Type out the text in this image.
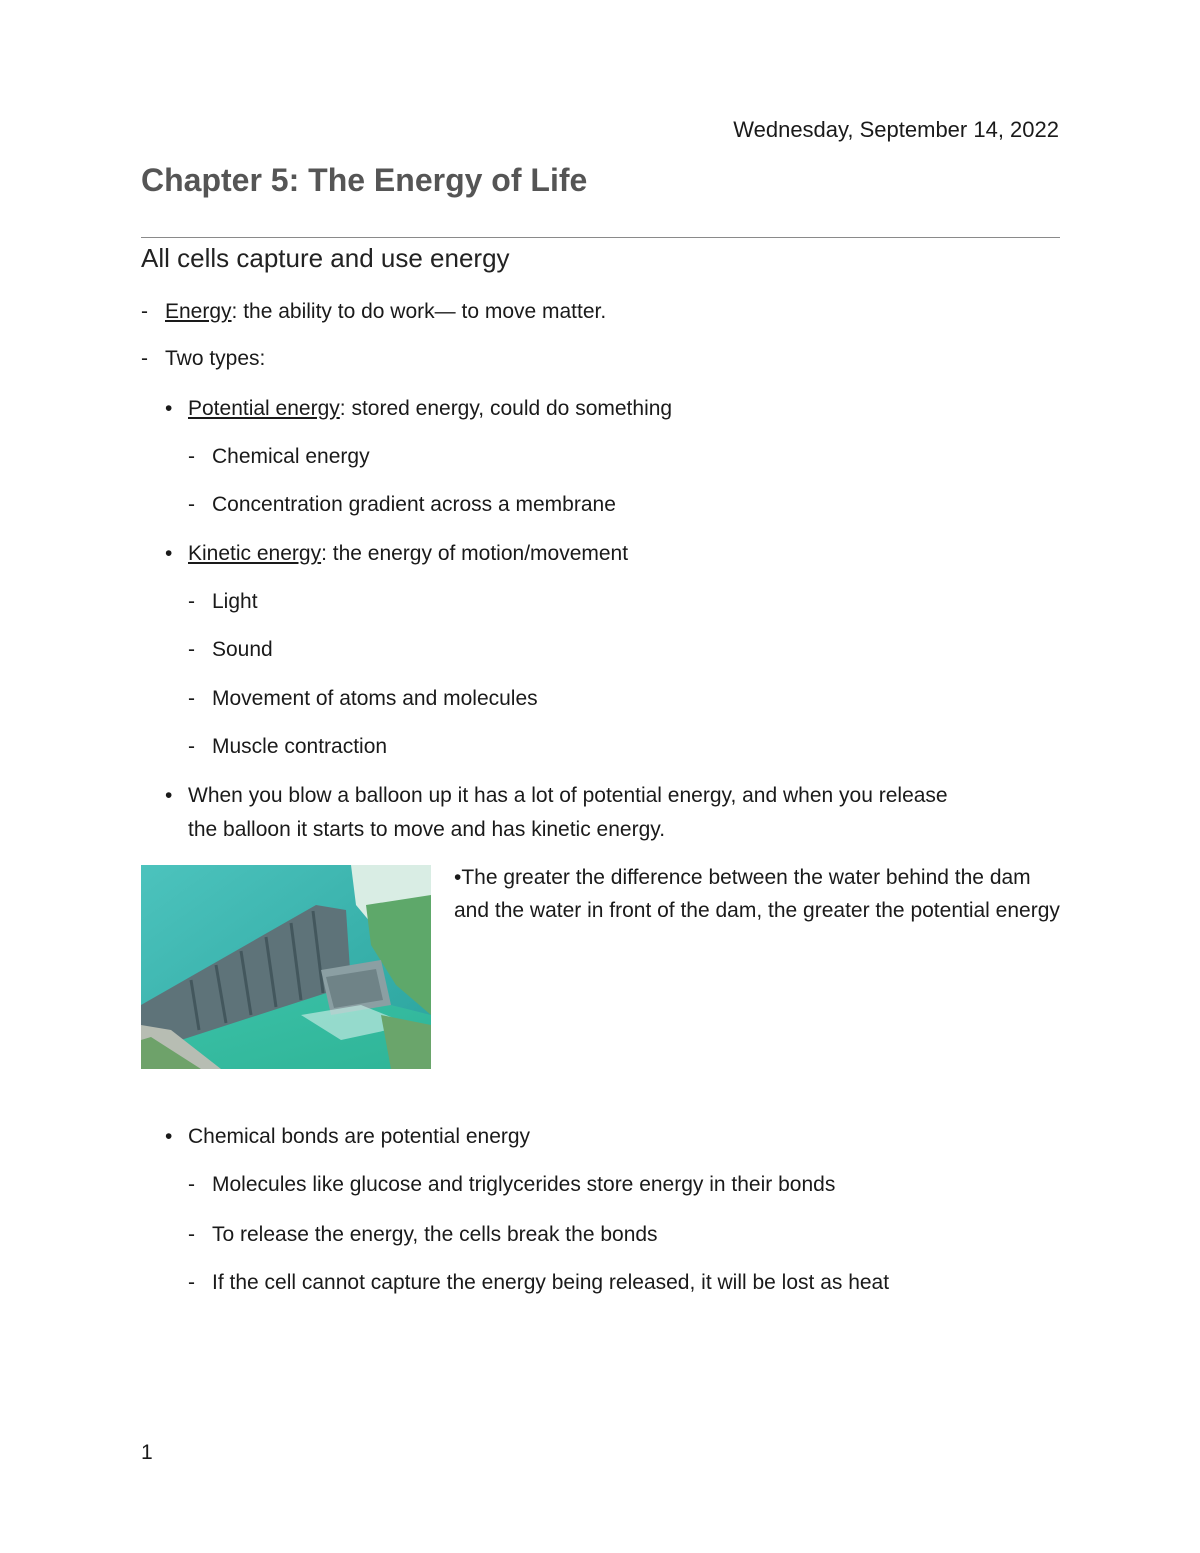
Wednesday, September 14, 2022
Chapter 5: The Energy of Life
All cells capture and use energy
- Energy: the ability to do work— to move matter.
- Two types:
• Potential energy: stored energy, could do something
- Chemical energy
- Concentration gradient across a membrane
• Kinetic energy: the energy of motion/movement
- Light
- Sound
- Movement of atoms and molecules
- Muscle contraction
• When you blow a balloon up it has a lot of potential energy, and when you release
the balloon it starts to move and has kinetic energy.
•The greater the difference between the water behind the dam and the water in front of the dam, the greater the potential energy
• Chemical bonds are potential energy
- Molecules like glucose and triglycerides store energy in their bonds
- To release the energy, the cells break the bonds
- If the cell cannot capture the energy being released, it will be lost as heat
1
